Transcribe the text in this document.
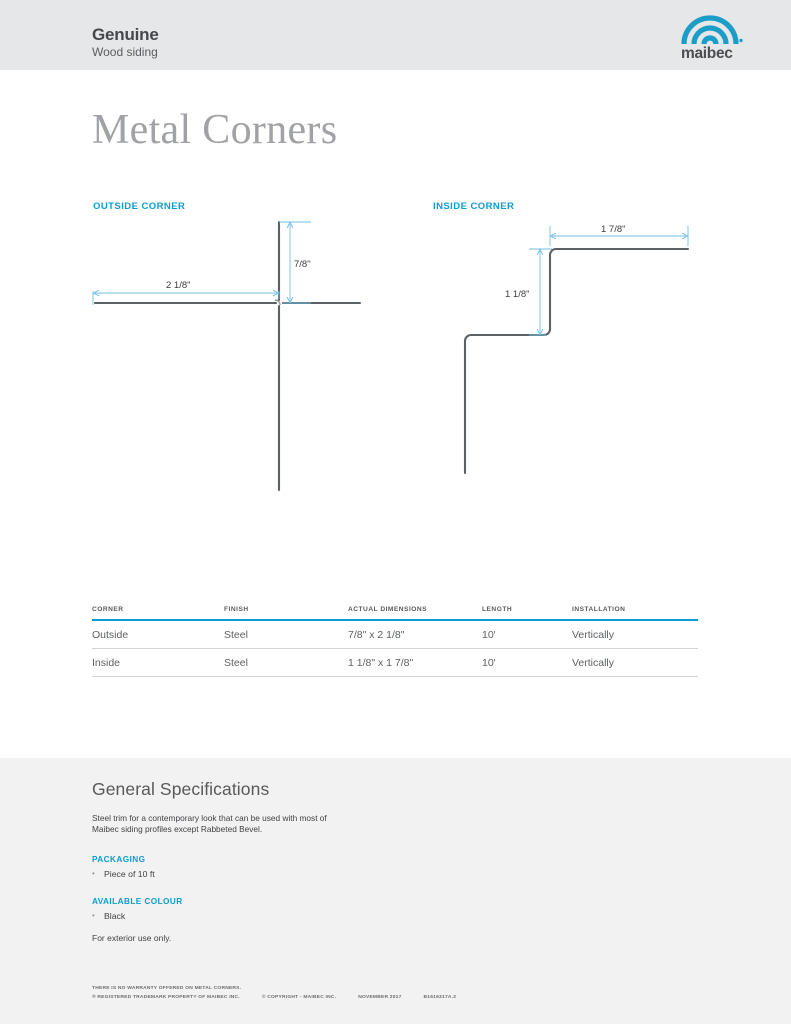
Genuine
Wood siding	maibec
Metal Corners
OUTSIDE CORNER	INSIDE CORNER
7/8"
2 1/8"
1 7/8"
1 1/8"
CORNER	FINISH	ACTUAL DIMENSIONS	LENGTH	INSTALLATION
Outside	Steel	7/8" x 2 1/8"	10'	Vertically
Inside	Steel	1 1/8" x 1 7/8"	10'	Vertically
General Specifications
Steel trim for a contemporary look that can be used with most of Maibec siding profiles except Rabbeted Bevel.
PACKAGING
• Piece of 10 ft
AVAILABLE COLOUR
• Black
For exterior use only.
THERE IS NO WARRANTY OFFERED ON METAL CORNERS.
® REGISTERED TRADEMARK PROPERTY OF MAIBEC INC.	© COPYRIGHT - MAIBEC INC.	NOVEMBER 2017	B1616317A.2
